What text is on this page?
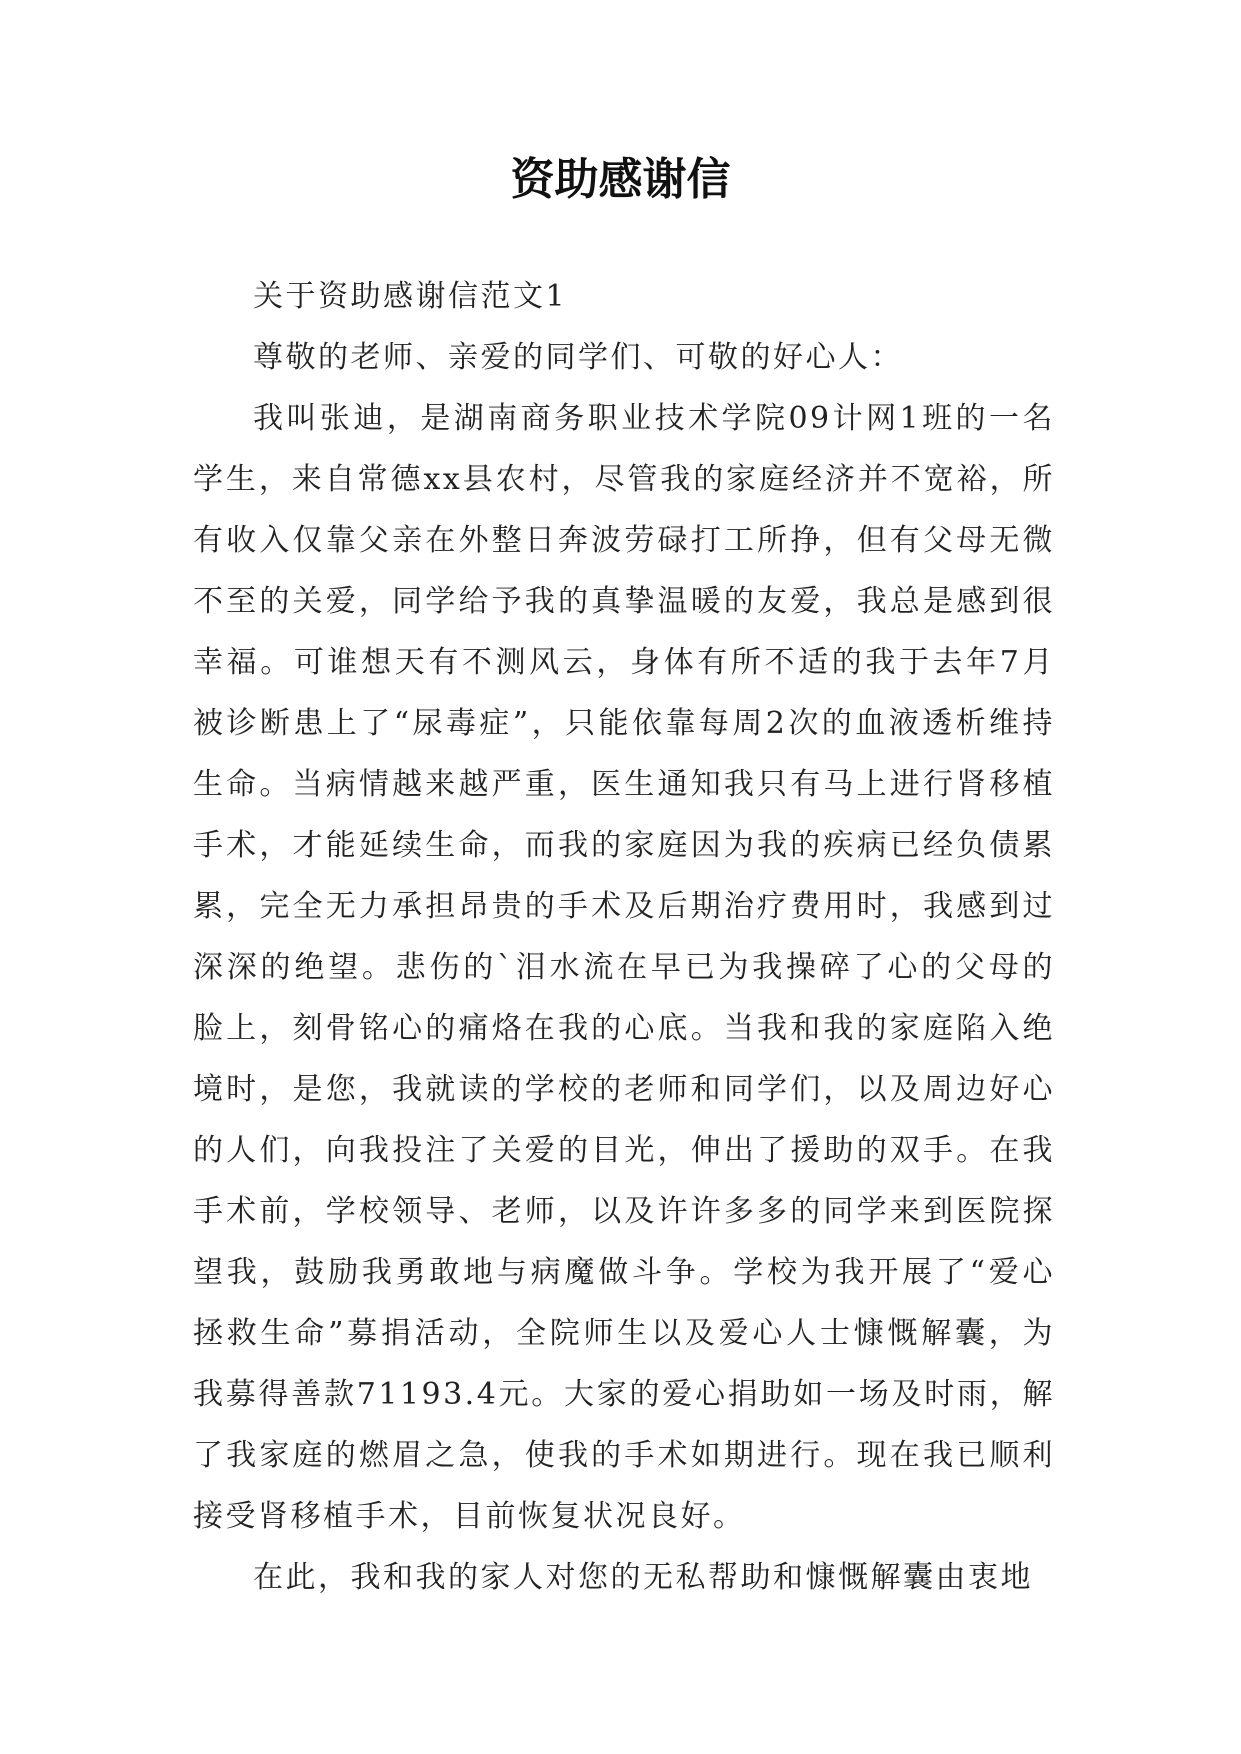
资助感谢信

关于资助感谢信范文1

尊敬的老师、亲爱的同学们、可敬的好心人：

我叫张迪，是湖南商务职业技术学院09计网1班的一名学生，来自常德xx县农村，尽管我的家庭经济并不宽裕，所有收入仅靠父亲在外整日奔波劳碌打工所挣，但有父母无微不至的关爱，同学给予我的真挚温暖的友爱，我总是感到很幸福。可谁想天有不测风云，身体有所不适的我于去年7月被诊断患上了“尿毒症”，只能依靠每周2次的血液透析维持生命。当病情越来越严重，医生通知我只有马上进行肾移植手术，才能延续生命，而我的家庭因为我的疾病已经负债累累，完全无力承担昂贵的手术及后期治疗费用时，我感到过深深的绝望。悲伤的`泪水流在早已为我操碎了心的父母的脸上，刻骨铭心的痛烙在我的心底。当我和我的家庭陷入绝境时，是您，我就读的学校的老师和同学们，以及周边好心的人们，向我投注了关爱的目光，伸出了援助的双手。在我手术前，学校领导、老师，以及许许多多的同学来到医院探望我，鼓励我勇敢地与病魔做斗争。学校为我开展了“爱心拯救生命”募捐活动，全院师生以及爱心人士慷慨解囊，为我募得善款71193.4元。大家的爱心捐助如一场及时雨，解了我家庭的燃眉之急，使我的手术如期进行。现在我已顺利接受肾移植手术，目前恢复状况良好。

在此，我和我的家人对您的无私帮助和慷慨解囊由衷地
